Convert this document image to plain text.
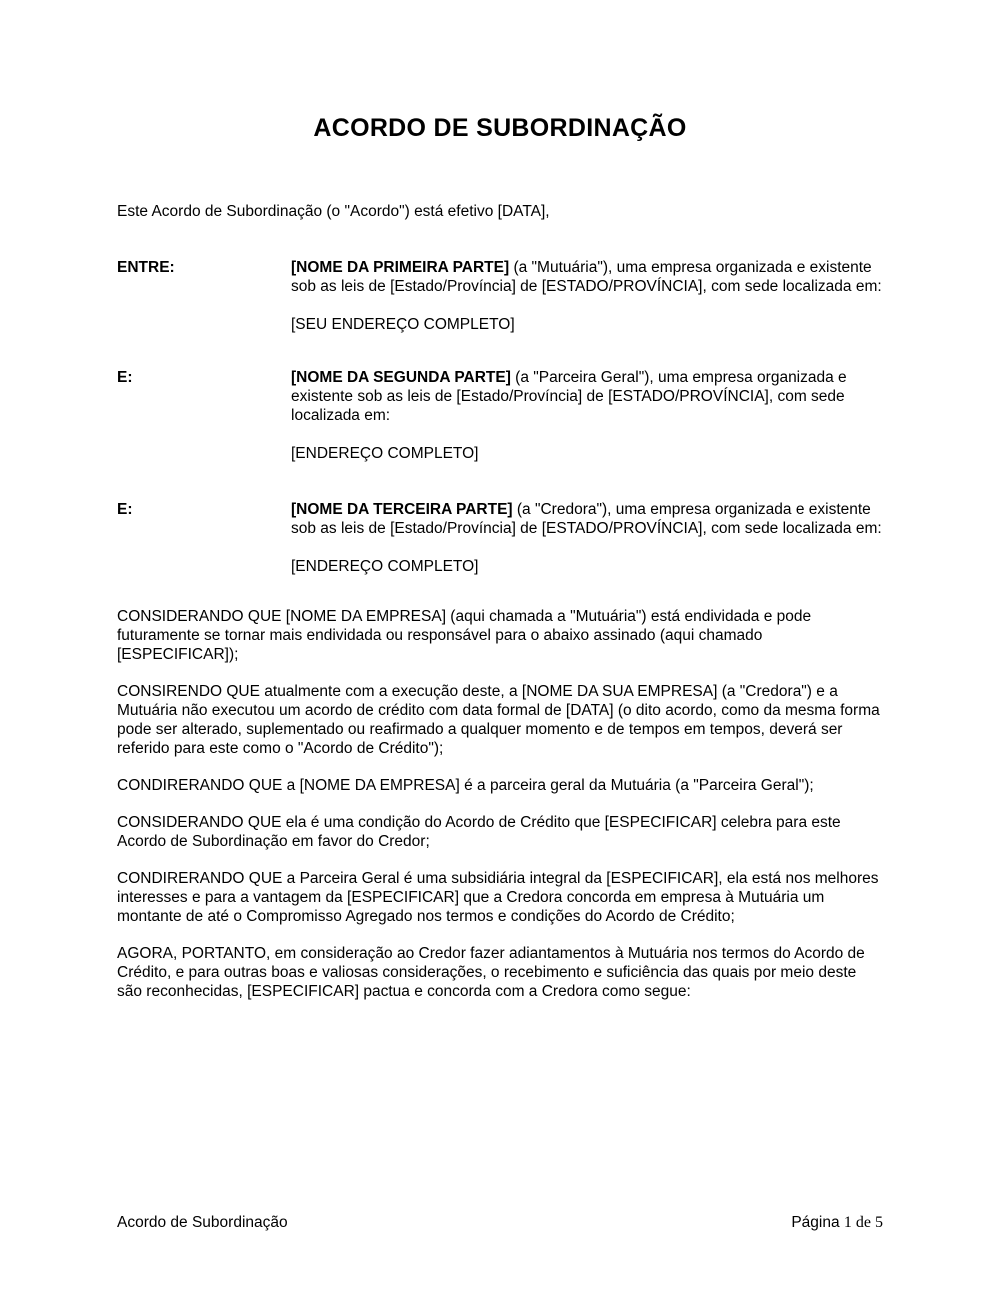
ACORDO DE SUBORDINAÇÃO

Este Acordo de Subordinação (o "Acordo") está efetivo [DATA],

ENTRE:	[NOME DA PRIMEIRA PARTE] (a "Mutuária"), uma empresa organizada e existente sob as leis de [Estado/Província] de [ESTADO/PROVÍNCIA], com sede localizada em:
[SEU ENDEREÇO COMPLETO]
E:	[NOME DA SEGUNDA PARTE] (a "Parceira Geral"), uma empresa organizada e existente sob as leis de [Estado/Província] de [ESTADO/PROVÍNCIA], com sede localizada em:
[ENDEREÇO COMPLETO]
E:	[NOME DA TERCEIRA PARTE] (a "Credora"), uma empresa organizada e existente sob as leis de [Estado/Província] de [ESTADO/PROVÍNCIA], com sede localizada em:
[ENDEREÇO COMPLETO]

CONSIDERANDO QUE [NOME DA EMPRESA] (aqui chamada a "Mutuária") está endividada e pode futuramente se tornar mais endividada ou responsável para o abaixo assinado (aqui chamado [ESPECIFICAR]);

CONSIRENDO QUE atualmente com a execução deste, a [NOME DA SUA EMPRESA] (a "Credora") e a Mutuária não executou um acordo de crédito com data formal de [DATA] (o dito acordo, como da mesma forma pode ser alterado, suplementado ou reafirmado a qualquer momento e de tempos em tempos, deverá ser referido para este como o "Acordo de Crédito");

CONDIRERANDO QUE a [NOME DA EMPRESA] é a parceira geral da Mutuária (a "Parceira Geral");

CONSIDERANDO QUE ela é uma condição do Acordo de Crédito que [ESPECIFICAR] celebra para este Acordo de Subordinação em favor do Credor;

CONDIRERANDO QUE a Parceira Geral é uma subsidiária integral da [ESPECIFICAR], ela está nos melhores interesses e para a vantagem da [ESPECIFICAR] que a Credora concorda em empresa à Mutuária um montante de até o Compromisso Agregado nos termos e condições do Acordo de Crédito;

AGORA, PORTANTO, em consideração ao Credor fazer adiantamentos à Mutuária nos termos do Acordo de Crédito, e para outras boas e valiosas considerações, o recebimento e suficiência das quais por meio deste são reconhecidas, [ESPECIFICAR] pactua e concorda com a Credora como segue:

Acordo de Subordinação	Página 1 de 5
